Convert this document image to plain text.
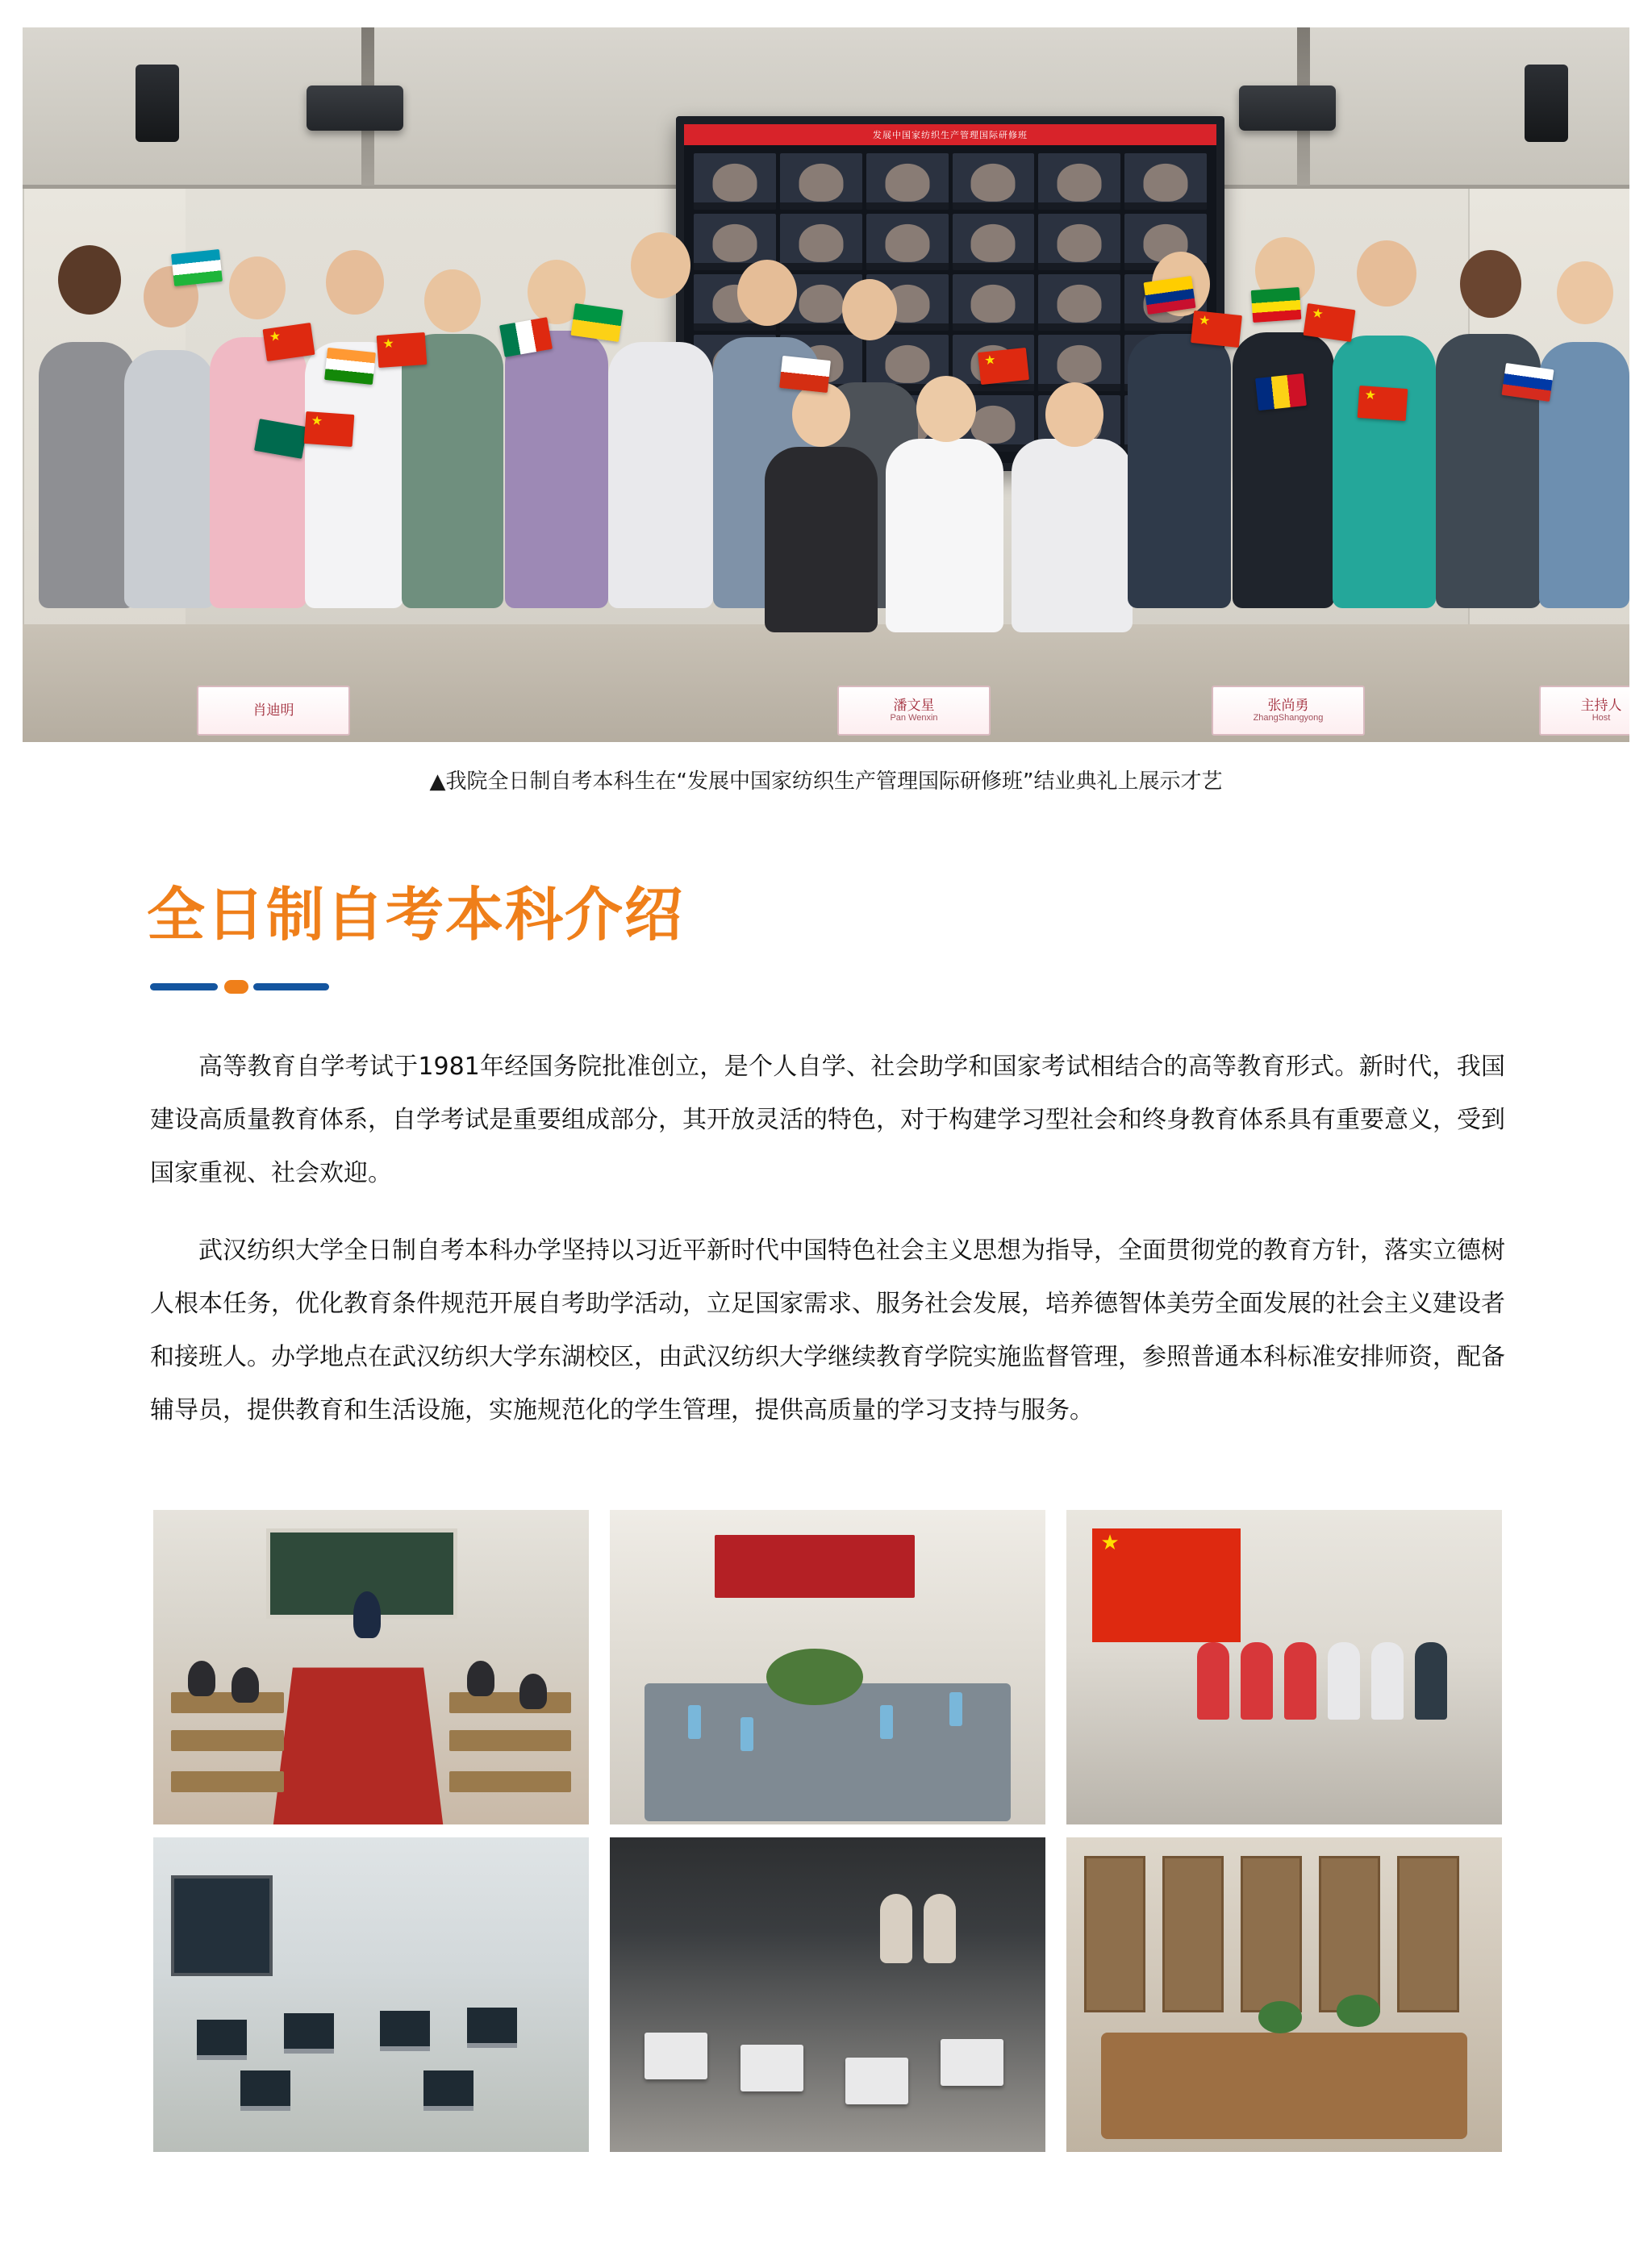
发展中国家纺织生产管理国际研修班
★
★
★
★
★
★
★
肖迪明	潘文星
Pan Wenxin
张尚勇
ZhangShangyong
主持人
Host
▲我院全日制自考本科生在“发展中国家纺织生产管理国际研修班”结业典礼上展示才艺
全日制自考本科介绍

高等教育自学考试于1981年经国务院批准创立，是个人自学、社会助学和国家考试相结合的高等教育形式。新时代，我国建设高质量教育体系，自学考试是重要组成部分，其开放灵活的特色，对于构建学习型社会和终身教育体系具有重要意义，受到国家重视、社会欢迎。

武汉纺织大学全日制自考本科办学坚持以习近平新时代中国特色社会主义思想为指导，全面贯彻党的教育方针，落实立德树人根本任务，优化教育条件规范开展自考助学活动，立足国家需求、服务社会发展，培养德智体美劳全面发展的社会主义建设者和接班人。办学地点在武汉纺织大学东湖校区，由武汉纺织大学继续教育学院实施监督管理，参照普通本科标准安排师资，配备辅导员，提供教育和生活设施，实施规范化的学生管理，提供高质量的学习支持与服务。

★
